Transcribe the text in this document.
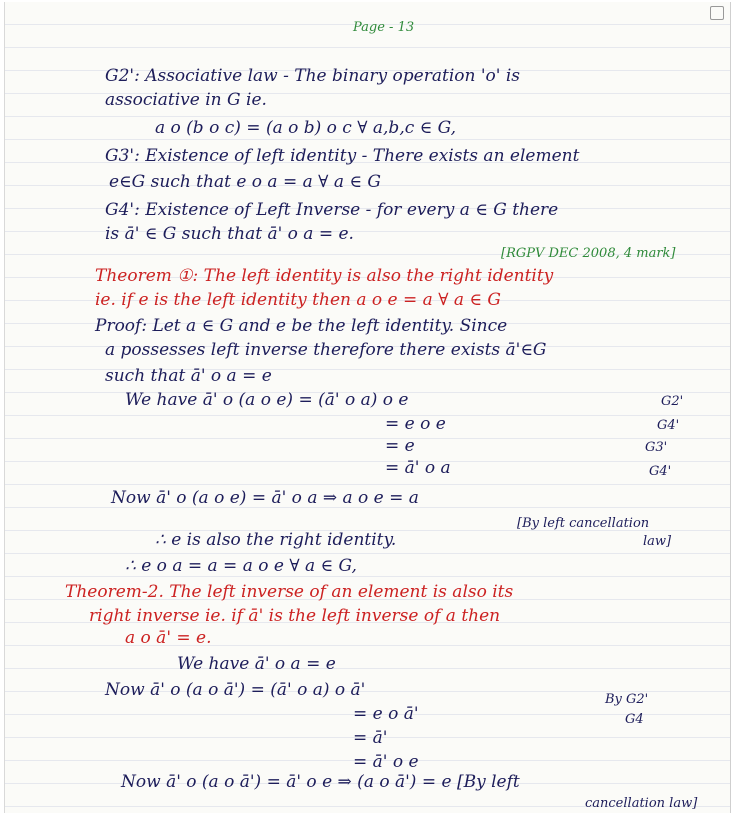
Page - 13
G2': Associative law - The binary operation 'o' is
associative in G ie.
a o (b o c) = (a o b) o c ∀ a,b,c ∈ G,
G3': Existence of left identity - There exists an element
e∈G such that e o a = a ∀ a ∈ G
G4': Existence of Left Inverse - for every a ∈ G there
is ā' ∈ G such that ā' o a = e.
[RGPV DEC 2008, 4 mark]
Theorem ①: The left identity is also the right identity
ie. if e is the left identity then a o e = a ∀ a ∈ G
Proof: Let a ∈ G and e be the left identity. Since
a possesses left inverse therefore there exists ā'∈G
such that ā' o a = e
We have ā' o (a o e) = (ā' o a) o e
= e o e
= e
= ā' o a
G2'
G4'
G3'
G4'
Now ā' o (a o e) = ā' o a ⇒ a o e = a
[By left cancellation
law]
∴ e is also the right identity.
∴ e o a = a = a o e ∀ a ∈ G,
Theorem-2. The left inverse of an element is also its
right inverse ie. if ā' is the left inverse of a then
a o ā' = e.
We have ā' o a = e
Now ā' o (a o ā') = (ā' o a) o ā'
= e o ā'
= ā'
= ā' o e
By G2'
G4
Now ā' o (a o ā') = ā' o e ⇒ (a o ā') = e [By left
cancellation law]
